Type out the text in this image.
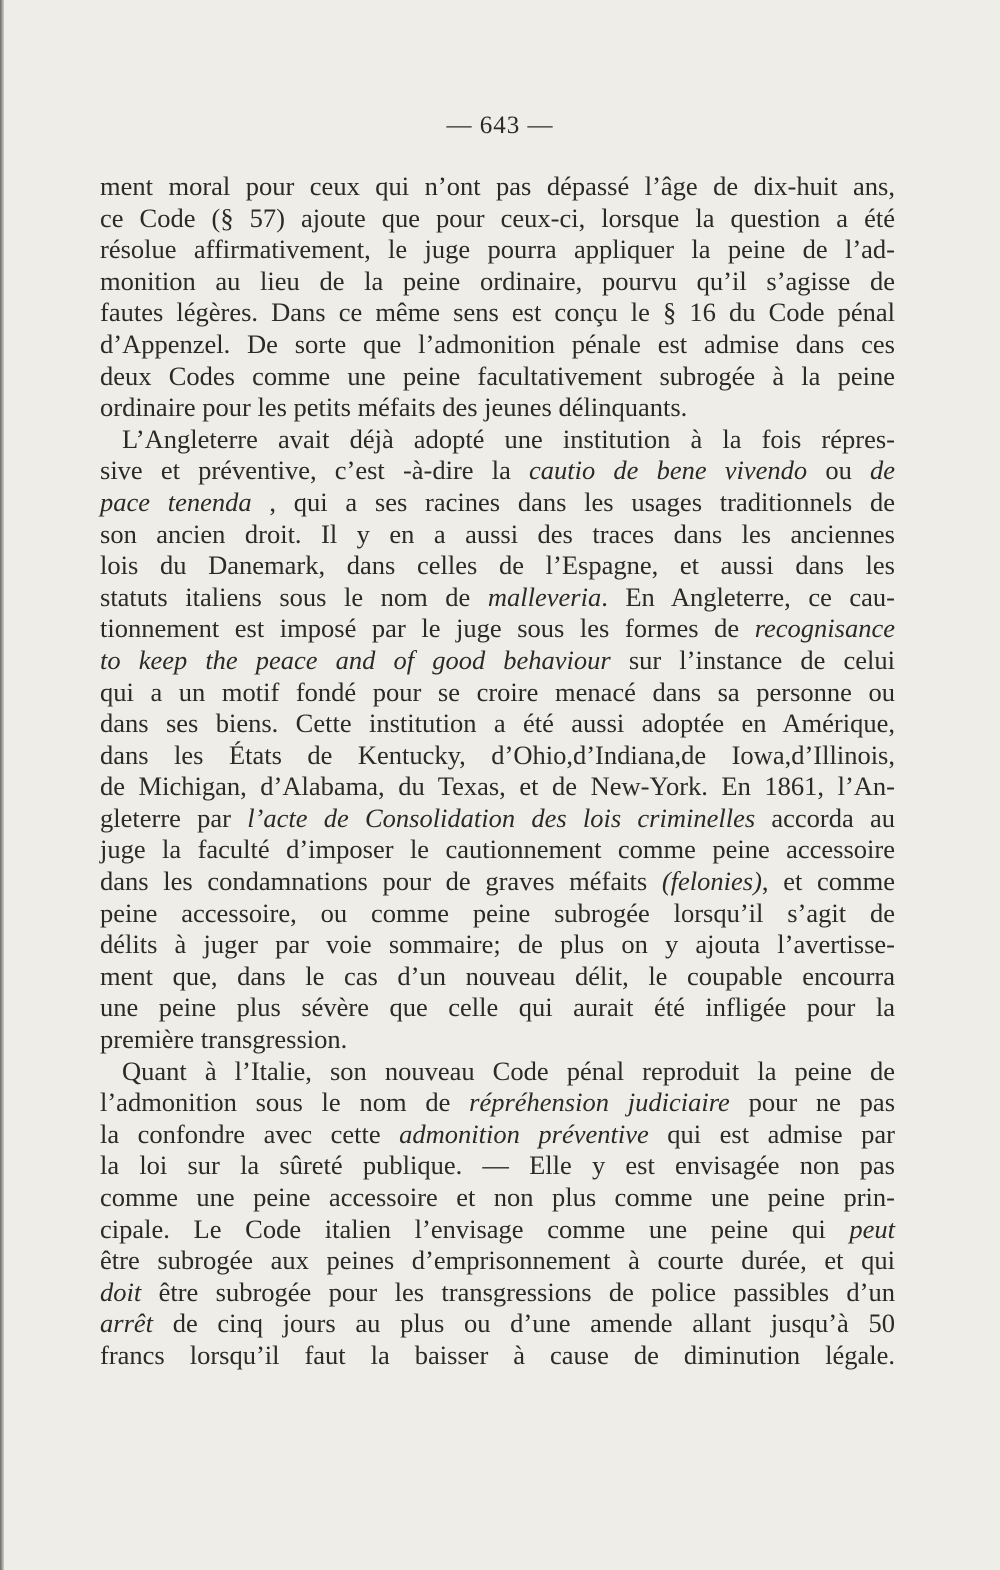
— 643 —
ment moral pour ceux qui n’ont pas dépassé l’âge de dix-huit ans,
ce Code (§ 57) ajoute que pour ceux-ci, lorsque la question a été
résolue affirmativement, le juge pourra appliquer la peine de l’ad-
monition au lieu de la peine ordinaire, pourvu qu’il s’agisse de
fautes légères. Dans ce même sens est conçu le § 16 du Code pénal
d’Appenzel. De sorte que l’admonition pénale est admise dans ces
deux Codes comme une peine facultativement subrogée à la peine
ordinaire pour les petits méfaits des jeunes délinquants.
L’Angleterre avait déjà adopté une institution à la fois répres-
sive et préventive, c’est -à-dire la cautio de bene vivendo ou de
pace tenenda , qui a ses racines dans les usages traditionnels de
son ancien droit. Il y en a aussi des traces dans les anciennes
lois du Danemark, dans celles de l’Espagne, et aussi dans les
statuts italiens sous le nom de malleveria. En Angleterre, ce cau-
tionnement est imposé par le juge sous les formes de recognisance
to keep the peace and of good behaviour sur l’instance de celui
qui a un motif fondé pour se croire menacé dans sa personne ou
dans ses biens. Cette institution a été aussi adoptée en Amérique,
dans les États de Kentucky, d’Ohio,d’Indiana,de Iowa,d’Illinois,
de Michigan, d’Alabama, du Texas, et de New-York. En 1861, l’An-
gleterre par l’acte de Consolidation des lois criminelles accorda au
juge la faculté d’imposer le cautionnement comme peine accessoire
dans les condamnations pour de graves méfaits (felonies), et comme
peine accessoire, ou comme peine subrogée lorsqu’il s’agit de
délits à juger par voie sommaire; de plus on y ajouta l’avertisse-
ment que, dans le cas d’un nouveau délit, le coupable encourra
une peine plus sévère que celle qui aurait été infligée pour la
première transgression.
Quant à l’Italie, son nouveau Code pénal reproduit la peine de
l’admonition sous le nom de répréhension judiciaire pour ne pas
la confondre avec cette admonition préventive qui est admise par
la loi sur la sûreté publique. — Elle y est envisagée non pas
comme une peine accessoire et non plus comme une peine prin-
cipale. Le Code italien l’envisage comme une peine qui peut
être subrogée aux peines d’emprisonnement à courte durée, et qui
doit être subrogée pour les transgressions de police passibles d’un
arrêt de cinq jours au plus ou d’une amende allant jusqu’à 50
francs lorsqu’il faut la baisser à cause de diminution légale.
